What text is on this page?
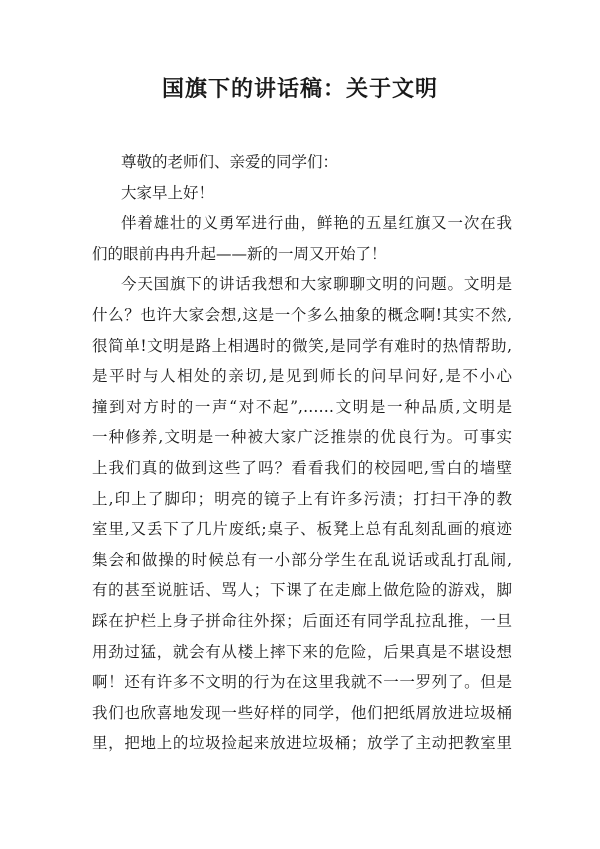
国旗下的讲话稿：关于文明

尊敬的老师们、亲爱的同学们：

大家早上好！

伴着雄壮的义勇军进行曲，鲜艳的五星红旗又一次在我

们的眼前冉冉升起——新的一周又开始了！

今天国旗下的讲话我想和大家聊聊文明的问题。文明是

什么？也许大家会想,这是一个多么抽象的概念啊!其实不然,

很简单!文明是路上相遇时的微笑,是同学有难时的热情帮助,

是平时与人相处的亲切,是见到师长的问早问好,是不小心

撞到对方时的一声“对不起”,……文明是一种品质,文明是

一种修养,文明是一种被大家广泛推崇的优良行为。可事实

上我们真的做到这些了吗？看看我们的校园吧,雪白的墙壁

上,印上了脚印；明亮的镜子上有许多污渍；打扫干净的教

室里,又丢下了几片废纸;桌子、板凳上总有乱刻乱画的痕迹

集会和做操的时候总有一小部分学生在乱说话或乱打乱闹,

有的甚至说脏话、骂人；下课了在走廊上做危险的游戏，脚

踩在护栏上身子拼命往外探；后面还有同学乱拉乱推，一旦

用劲过猛，就会有从楼上摔下来的危险，后果真是不堪设想

啊！还有许多不文明的行为在这里我就不一一罗列了。但是

我们也欣喜地发现一些好样的同学，他们把纸屑放进垃圾桶

里，把地上的垃圾捡起来放进垃圾桶；放学了主动把教室里
